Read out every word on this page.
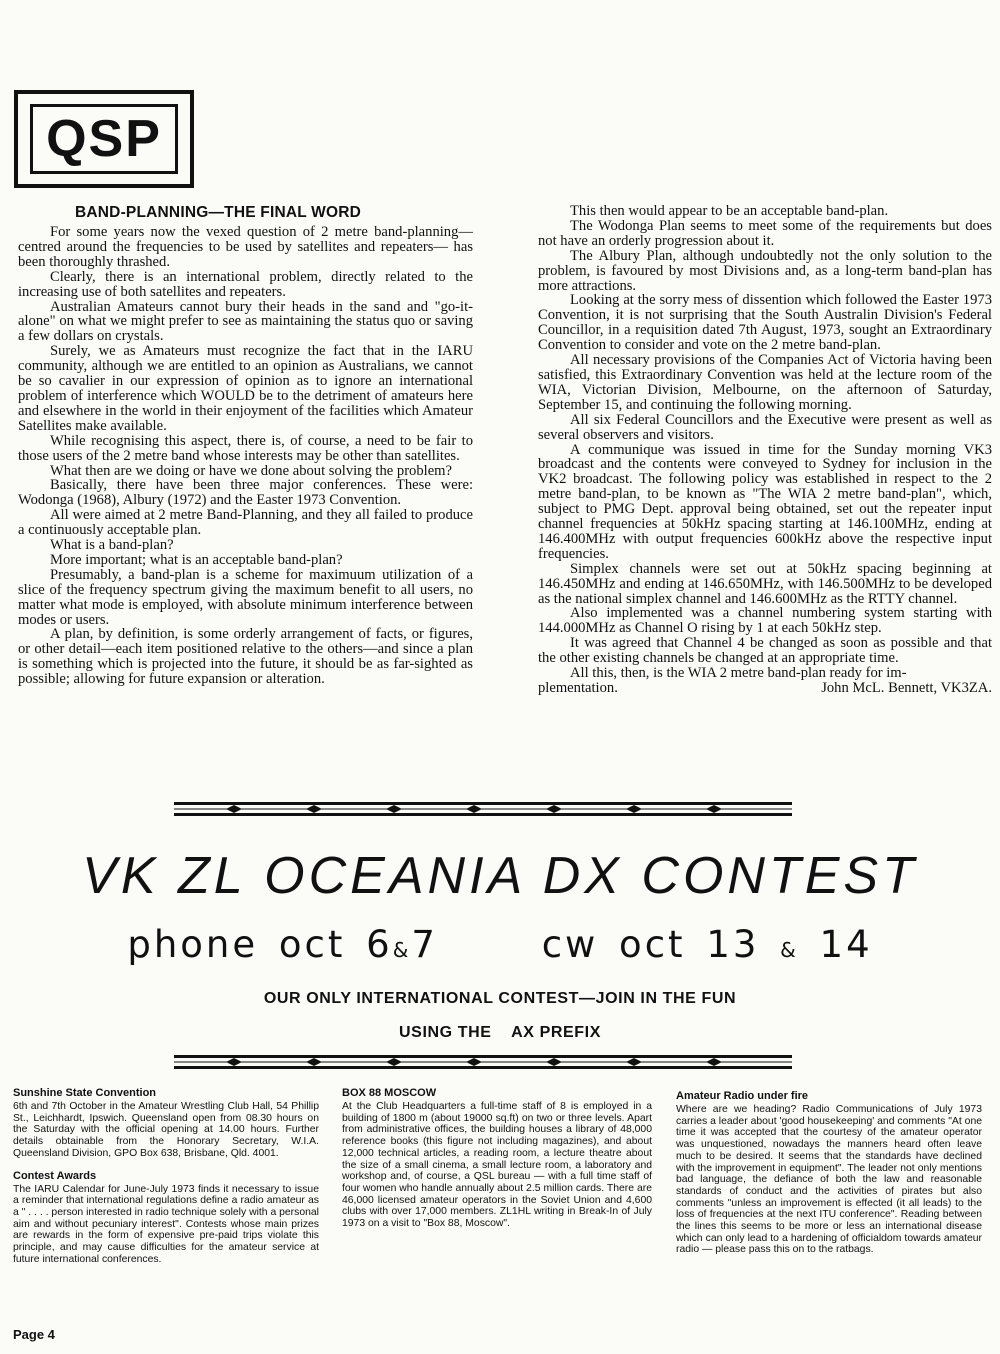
QSP
BAND-PLANNING—THE FINAL WORD

For some years now the vexed question of 2 metre band-planning—centred around the frequencies to be used by satellites and repeaters— has been thoroughly thrashed.

Clearly, there is an international problem, directly related to the increasing use of both satellites and repeaters.

Australian Amateurs cannot bury their heads in the sand and "go-it-alone" on what we might prefer to see as maintaining the status quo or saving a few dollars on crystals.

Surely, we as Amateurs must recognize the fact that in the IARU community, although we are entitled to an opinion as Australians, we cannot be so cavalier in our expression of opinion as to ignore an international problem of interference which WOULD be to the detriment of amateurs here and elsewhere in the world in their enjoyment of the facilities which Amateur Satellites make available.

While recognising this aspect, there is, of course, a need to be fair to those users of the 2 metre band whose interests may be other than satellites.

What then are we doing or have we done about solving the problem?

Basically, there have been three major conferences. These were: Wodonga (1968), Albury (1972) and the Easter 1973 Convention.

All were aimed at 2 metre Band-Planning, and they all failed to produce a continuously acceptable plan.

What is a band-plan?

More important; what is an acceptable band-plan?

Presumably, a band-plan is a scheme for maximuum utilization of a slice of the frequency spectrum giving the maximum benefit to all users, no matter what mode is employed, with absolute minimum interference between modes or users.

A plan, by definition, is some orderly arrangement of facts, or figures, or other detail—each item positioned relative to the others—and since a plan is something which is projected into the future, it should be as far-sighted as possible; allowing for future expansion or alteration.

This then would appear to be an acceptable band-plan.

The Wodonga Plan seems to meet some of the requirements but does not have an orderly progression about it.

The Albury Plan, although undoubtedly not the only solution to the problem, is favoured by most Divisions and, as a long-term band-plan has more attractions.

Looking at the sorry mess of dissention which followed the Easter 1973 Convention, it is not surprising that the South Australin Division's Federal Councillor, in a requisition dated 7th August, 1973, sought an Extraordinary Convention to consider and vote on the 2 metre band-plan.

All necessary provisions of the Companies Act of Victoria having been satisfied, this Extraordinary Convention was held at the lecture room of the WIA, Victorian Division, Melbourne, on the afternoon of Saturday, September 15, and continuing the following morning.

All six Federal Councillors and the Executive were present as well as several observers and visitors.

A communique was issued in time for the Sunday morning VK3 broadcast and the contents were conveyed to Sydney for inclusion in the VK2 broadcast. The following policy was established in respect to the 2 metre band-plan, to be known as "The WIA 2 metre band-plan", which, subject to PMG Dept. approval being obtained, set out the repeater input channel frequencies at 50kHz spacing starting at 146.100MHz, ending at 146.400MHz with output frequencies 600kHz above the respective input frequencies.

Simplex channels were set out at 50kHz spacing beginning at 146.450MHz and ending at 146.650MHz, with 146.500MHz to be developed as the national simplex channel and 146.600MHz as the RTTY channel.

Also implemented was a channel numbering system starting with 144.000MHz as Channel O rising by 1 at each 50kHz step.

It was agreed that Channel 4 be changed as soon as possible and that the other existing channels be changed at an appropriate time.

All this, then, is the WIA 2 metre band-plan ready for im-

plementation.	John McL. Bennett, VK3ZA.
VK ZL OCEANIA DX CONTEST
phone oct 6&7	cw oct 13 & 14
OUR ONLY INTERNATIONAL CONTEST—JOIN IN THE FUN
USING THE    AX PREFIX
Sunshine State Convention

6th and 7th October in the Amateur Wrestling Club Hall, 54 Phillip St., Leichhardt, Ipswich. Queensland open from 08.30 hours on the Saturday with the official opening at 14.00 hours. Further details obtainable from the Honorary Secretary, W.I.A. Queensland Division, GPO Box 638, Brisbane, Qld. 4001.

Contest Awards

The IARU Calendar for June-July 1973 finds it necessary to issue a reminder that international regulations define a radio amateur as a " . . . . person interested in radio technique solely with a personal aim and without pecuniary interest". Contests whose main prizes are rewards in the form of expensive pre-paid trips violate this principle, and may cause difficulties for the amateur service at future international conferences.

BOX 88 MOSCOW

At the Club Headquarters a full-time staff of 8 is employed in a building of 1800 m (about 19000 sq.ft) on two or three levels. Apart from administrative offices, the building houses a library of 48,000 reference books (this figure not including magazines), and about 12,000 technical articles, a reading room, a lecture theatre about the size of a small cinema, a small lecture room, a laboratory and workshop and, of course, a QSL bureau — with a full time staff of four women who handle annually about 2.5 million cards. There are 46,000 licensed amateur operators in the Soviet Union and 4,600 clubs with over 17,000 members. ZL1HL writing in Break-In of July 1973 on a visit to "Box 88, Moscow".

Amateur Radio under fire

Where are we heading? Radio Communications of July 1973 carries a leader about 'good housekeeping' and comments "At one time it was accepted that the courtesy of the amateur operator was unquestioned, nowadays the manners heard often leave much to be desired. It seems that the standards have declined with the improvement in equipment". The leader not only mentions bad language, the defiance of both the law and reasonable standards of conduct and the activities of pirates but also comments "unless an improvement is effected (it all leads) to the loss of frequencies at the next ITU conference". Reading between the lines this seems to be more or less an international disease which can only lead to a hardening of officialdom towards amateur radio — please pass this on to the ratbags.

Page 4
